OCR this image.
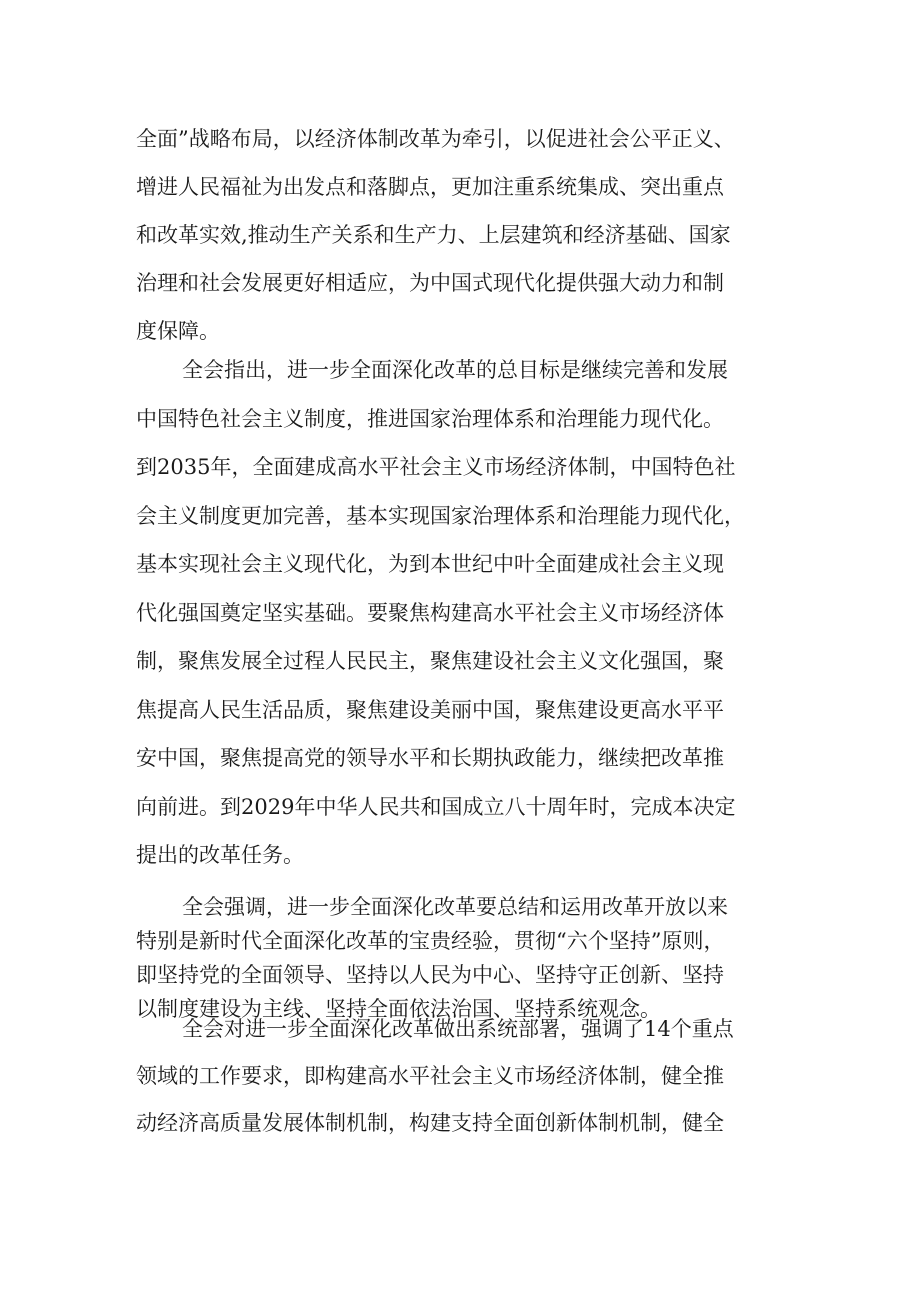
全面”战略布局，以经济体制改革为牵引，以促进社会公平正义、
增进人民福祉为出发点和落脚点，更加注重系统集成、突出重点
和改革实效,推动生产关系和生产力、上层建筑和经济基础、国家
治理和社会发展更好相适应，为中国式现代化提供强大动力和制
度保障。
全会指出，进一步全面深化改革的总目标是继续完善和发展
中国特色社会主义制度，推进国家治理体系和治理能力现代化。
到2035年，全面建成高水平社会主义市场经济体制，中国特色社
会主义制度更加完善，基本实现国家治理体系和治理能力现代化，
基本实现社会主义现代化，为到本世纪中叶全面建成社会主义现
代化强国奠定坚实基础。要聚焦构建高水平社会主义市场经济体
制，聚焦发展全过程人民民主，聚焦建设社会主义文化强国，聚
焦提高人民生活品质，聚焦建设美丽中国，聚焦建设更高水平平
安中国，聚焦提高党的领导水平和长期执政能力，继续把改革推
向前进。到2029年中华人民共和国成立八十周年时，完成本决定
提出的改革任务。
全会强调，进一步全面深化改革要总结和运用改革开放以来
特别是新时代全面深化改革的宝贵经验，贯彻“六个坚持”原则，
即坚持党的全面领导、坚持以人民为中心、坚持守正创新、坚持
以制度建设为主线、坚持全面依法治国、坚持系统观念。
全会对进一步全面深化改革做出系统部署，强调了14个重点
领域的工作要求，即构建高水平社会主义市场经济体制，健全推
动经济高质量发展体制机制，构建支持全面创新体制机制，健全
